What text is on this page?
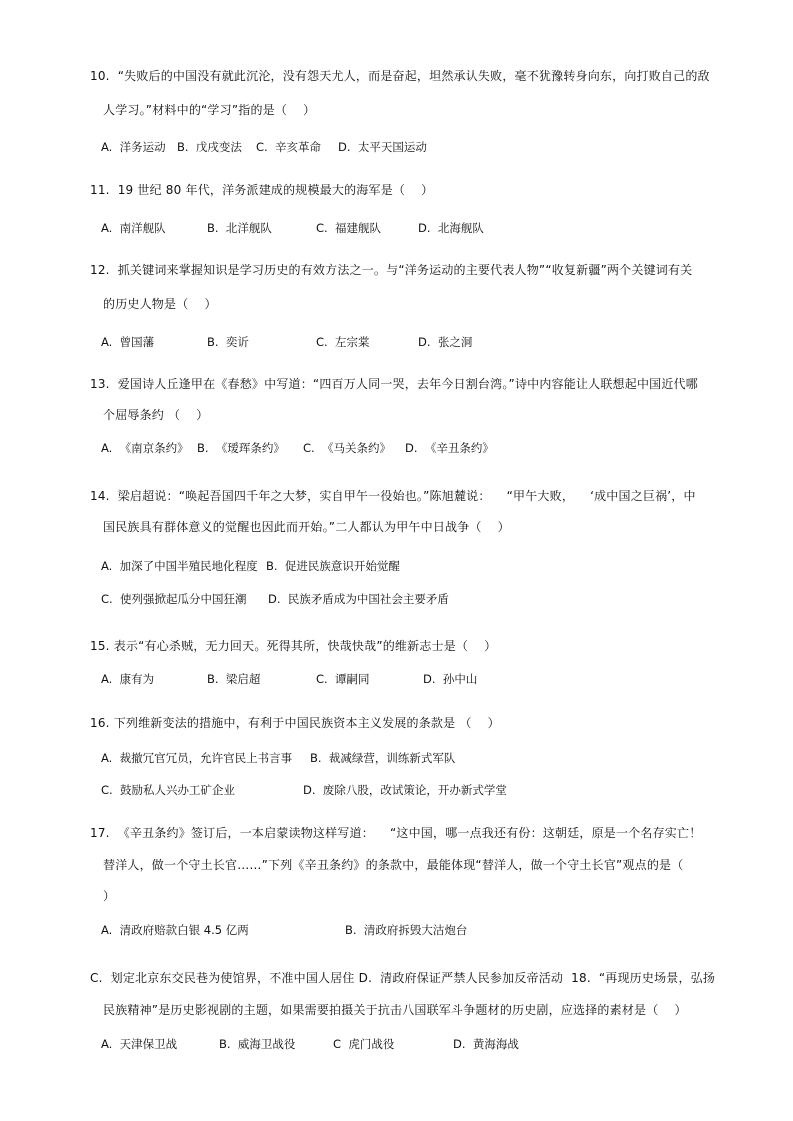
10.  “失败后的中国没有就此沉沦，没有怨天尤人，而是奋起，坦然承认失败，毫不犹豫转身向东，向打败自己的敌
人学习。”材料中的“学习”指的是（    ）
A.  洋务运动 B.  戊戌变法 C.  辛亥革命 D.  太平天国运动
11.  19 世纪 80 年代，洋务派建成的规模最大的海军是（    ）
A.  南洋舰队	B.  北洋舰队	C.  福建舰队	D.  北海舰队
12.  抓关键词来掌握知识是学习历史的有效方法之一。与“洋务运动的主要代表人物”“收复新疆”两个关键词有关
的历史人物是（    ）
A.  曾国藩	B.  奕䜣	C.  左宗棠	D.  张之洞
13.  爱国诗人丘逢甲在《春愁》中写道：“四百万人同一哭，去年今日割台湾。”诗中内容能让人联想起中国近代哪
个屈辱条约 （    ）
A.  《南京条约》 B.  《瑷珲条约》 C.  《马关条约》 D.  《辛丑条约》
14.  梁启超说：“唤起吾国四千年之大梦，实自甲午一役始也。”陈旭麓说：    “甲午大败，    ‘成中国之巨祸’，中
国民族具有群体意义的觉醒也因此而开始。”二人都认为甲午中日战争（    ）
A.  加深了中国半殖民地化程度 B.  促进民族意识开始觉醒
C.  使列强掀起瓜分中国狂潮 D.  民族矛盾成为中国社会主要矛盾
15. 表示“有心杀贼，无力回天。死得其所，快哉快哉”的维新志士是（    ）
A.  康有为	B.  梁启超	C.  谭嗣同	D.  孙中山
16. 下列维新变法的措施中，有利于中国民族资本主义发展的条款是 （    ）
A.  裁撤冗官冗员，允许官民上书言事 B.  裁减绿营，训练新式军队
C.  鼓励私人兴办工矿企业	D.  废除八股，改试策论，开办新式学堂
17.  《辛丑条约》签订后，一本启蒙读物这样写道：    “这中国，哪一点我还有份：这朝廷，原是一个名存实亡！
替洋人，做一个守土长官……”下列《辛丑条约》的条款中，最能体现“替洋人，做一个守土长官”观点的是（
）
A.  清政府赔款白银 4.5 亿两	B.  清政府拆毁大沽炮台
C.  划定北京东交民巷为使馆界，不准中国人居住 D.  清政府保证严禁人民参加反帝活动  18.  “再现历史场景，弘扬
民族精神”是历史影视剧的主题，如果需要拍摄关于抗击八国联军斗争题材的历史剧，应选择的素材是（    ）
A.  天津保卫战	B.  威海卫战役	C  虎门战役	D.  黄海海战
